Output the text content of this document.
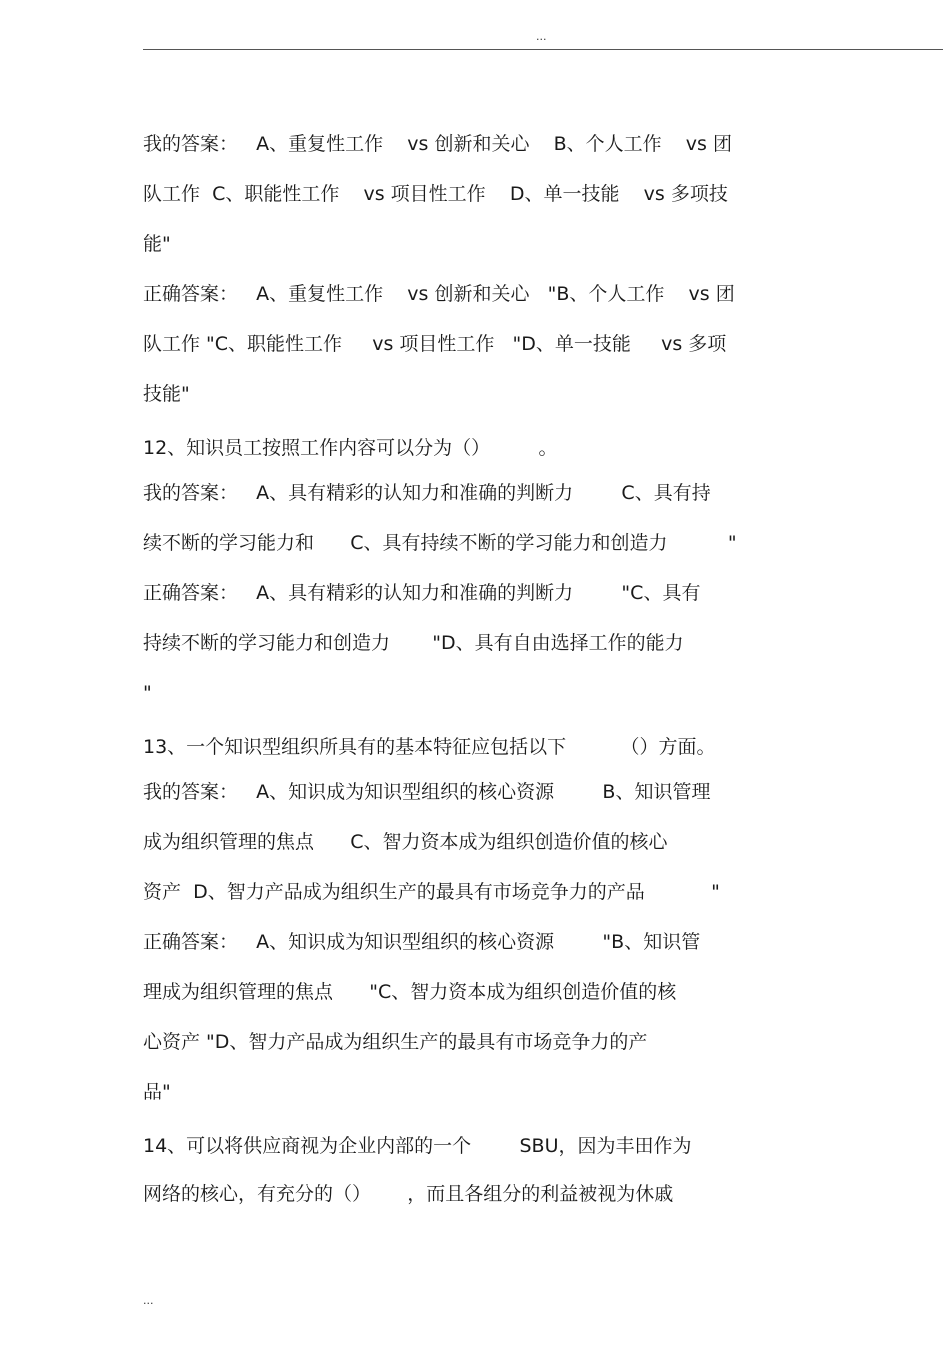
...
我的答案：   A、重复性工作    vs 创新和关心    B、个人工作    vs 团
队工作  C、职能性工作    vs 项目性工作    D、单一技能    vs 多项技
能"
正确答案：   A、重复性工作    vs 创新和关心   "B、个人工作    vs 团
队工作 "C、职能性工作     vs 项目性工作   "D、单一技能     vs 多项
技能"
12、知识员工按照工作内容可以分为（）        。
我的答案：   A、具有精彩的认知力和准确的判断力        C、具有持
续不断的学习能力和      C、具有持续不断的学习能力和创造力          "
正确答案：   A、具有精彩的认知力和准确的判断力        "C、具有
持续不断的学习能力和创造力       "D、具有自由选择工作的能力
"
13、一个知识型组织所具有的基本特征应包括以下         （）方面。
我的答案：   A、知识成为知识型组织的核心资源        B、知识管理
成为组织管理的焦点      C、智力资本成为组织创造价值的核心
资产  D、智力产品成为组织生产的最具有市场竞争力的产品           "
正确答案：   A、知识成为知识型组织的核心资源        "B、知识管
理成为组织管理的焦点      "C、智力资本成为组织创造价值的核
心资产 "D、智力产品成为组织生产的最具有市场竞争力的产
品"
14、可以将供应商视为企业内部的一个        SBU，因为丰田作为
网络的核心，有充分的（）      ，而且各组分的利益被视为休戚
...
